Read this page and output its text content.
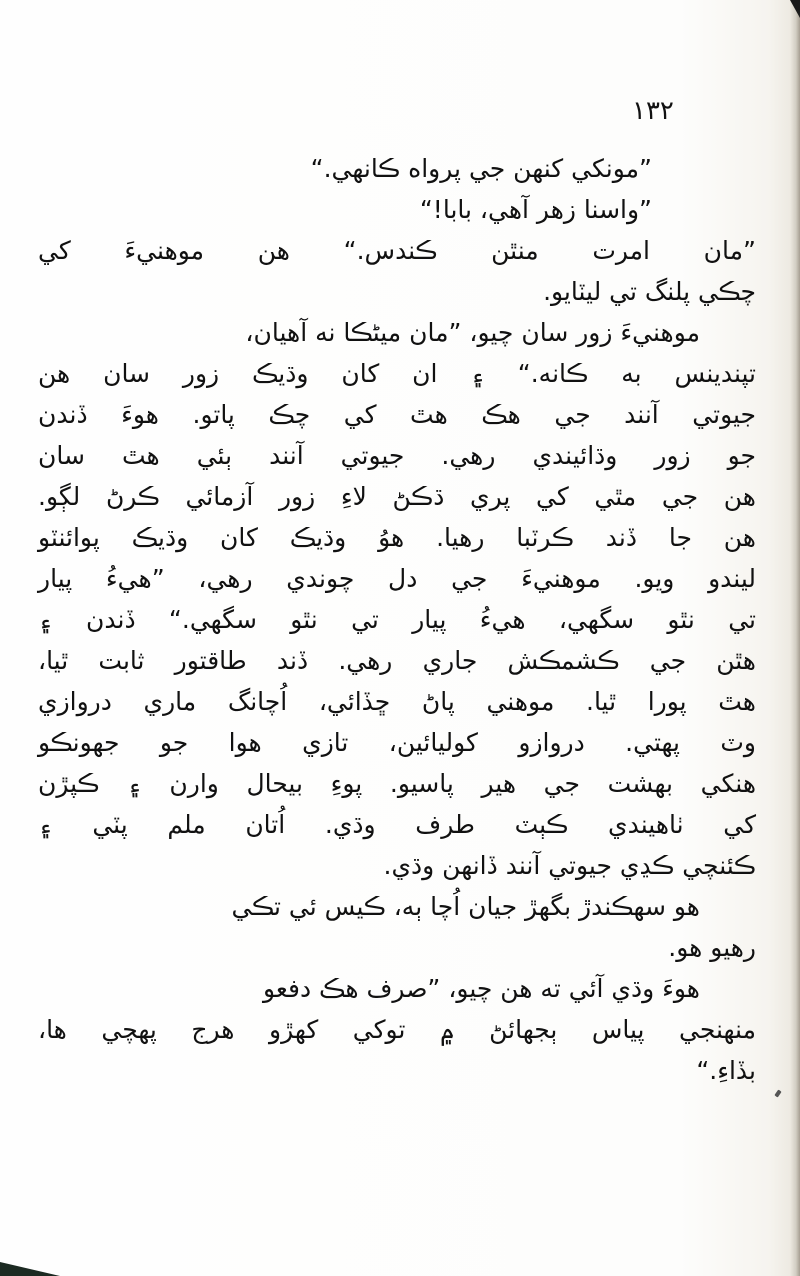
١٣٢
”مونکي کنهن جي پرواه ڪانهي.“
”واسنا زهر آهي، بابا!“
”مان امرت منٿن ڪندس.“ هن موهنيءَ کي
چڪي پلنگ تي ليٽايو.
موهنيءَ زور سان چيو، ”مان ميڻڪا نه آهيان،
تپندينس به ڪانه.“ ۽ ان کان وڌيڪ زور سان هن
جيوتي آنند جي هڪ هٿ کي چڪ پاتو. هوءَ ڏندن
جو زور وڌائيندي رهي. جيوتي آنند ٻئي هٿ سان
هن جي مٿي کي پري ڌڪڻ لاءِ زور آزمائي ڪرڻ لڳو.
هن جا ڏند ڪرٽبا رهيا. هوُ وڌيڪ کان وڌيڪ پوائنٽو
ليندو ويو. موهنيءَ جي دل چوندي رهي، ”هيءُ پيار
تي نٿو سگهي، هيءُ پيار تي نٿو سگهي.“ ڏندن ۽
هٿن جي ڪشمڪش جاري رهي. ڏند طاقتور ثابت ٿيا،
هٿ پورا ٿيا. موهني پاڻ ڇڏائي، اُچانگ ماري دروازي
وٽ پهتي. دروازو کوليائين، تازي هوا جو جهونڪو
هنکي بهشت جي هير پاسيو. پوءِ بيحال وارن ۽ ڪپڙن
کي ٺاهيندي ڪٻٽ طرف وڌي. اُتان ملم پٽي ۽
ڪئنچي ڪڍي جيوتي آنند ڏانهن وڌي.
هو سهڪندڙ بگهڙ جيان اُچا ٻه، ڪيس ئي تڪي
رهيو هو.
هوءَ وڌي آئي ته هن چيو، ”صرف هڪ دفعو
منهنجي پياس ٻجهائڻ ۾ توکي کهڙو هرج پهچي ها،
بڏاءِ.“
